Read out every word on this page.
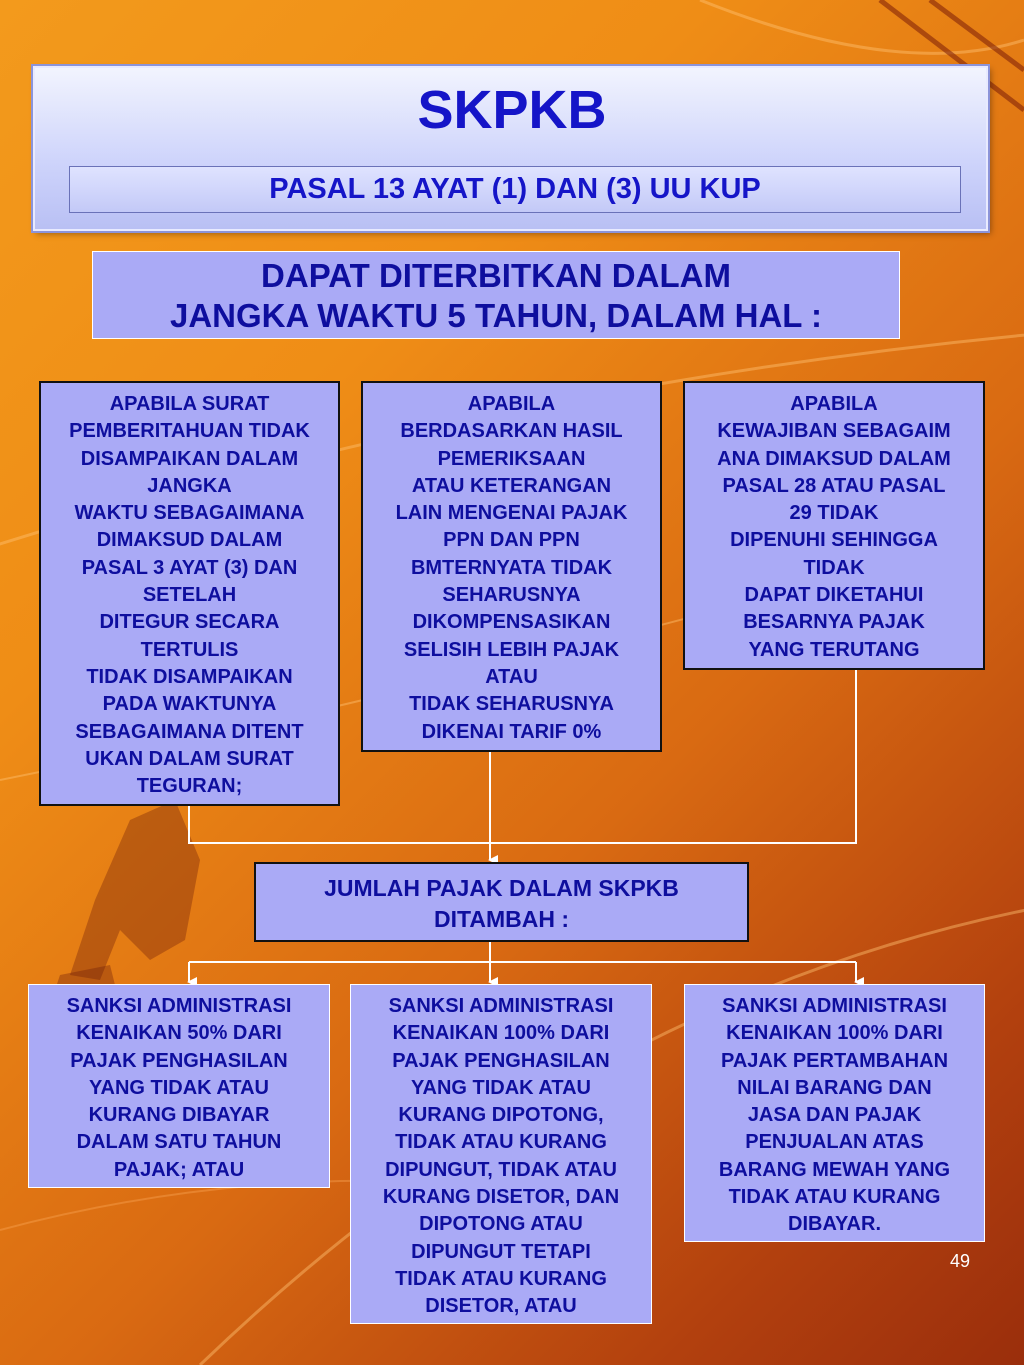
SKPKB
PASAL 13 AYAT (1) DAN (3) UU KUP
DAPAT DITERBITKAN DALAM
JANGKA WAKTU 5 TAHUN, DALAM HAL :
APABILA SURAT
PEMBERITAHUAN TIDAK
DISAMPAIKAN DALAM
JANGKA
WAKTU SEBAGAIMANA
DIMAKSUD DALAM
PASAL 3 AYAT (3) DAN
SETELAH
DITEGUR SECARA
TERTULIS
TIDAK DISAMPAIKAN
PADA WAKTUNYA
SEBAGAIMANA DITENT
UKAN DALAM SURAT
TEGURAN;
APABILA
BERDASARKAN HASIL
PEMERIKSAAN
ATAU KETERANGAN
LAIN MENGENAI PAJAK
PPN DAN PPN
BMTERNYATA TIDAK
SEHARUSNYA
DIKOMPENSASIKAN
SELISIH LEBIH PAJAK
ATAU
TIDAK SEHARUSNYA
DIKENAI TARIF 0%
APABILA
KEWAJIBAN SEBAGAIM
ANA DIMAKSUD DALAM
PASAL 28 ATAU PASAL
29 TIDAK
DIPENUHI SEHINGGA
TIDAK
DAPAT DIKETAHUI
BESARNYA PAJAK
YANG TERUTANG
JUMLAH PAJAK DALAM SKPKB
DITAMBAH :
SANKSI ADMINISTRASI
KENAIKAN 50% DARI
PAJAK PENGHASILAN
YANG TIDAK ATAU
KURANG DIBAYAR
DALAM SATU TAHUN
PAJAK; ATAU
SANKSI ADMINISTRASI
KENAIKAN 100% DARI
PAJAK PENGHASILAN
YANG TIDAK ATAU
KURANG DIPOTONG,
TIDAK ATAU KURANG
DIPUNGUT, TIDAK ATAU
KURANG DISETOR, DAN
DIPOTONG ATAU
DIPUNGUT TETAPI
TIDAK ATAU KURANG
DISETOR, ATAU
SANKSI ADMINISTRASI
KENAIKAN 100% DARI
PAJAK PERTAMBAHAN
NILAI BARANG DAN
JASA DAN PAJAK
PENJUALAN ATAS
BARANG MEWAH YANG
TIDAK ATAU KURANG
DIBAYAR.
49
